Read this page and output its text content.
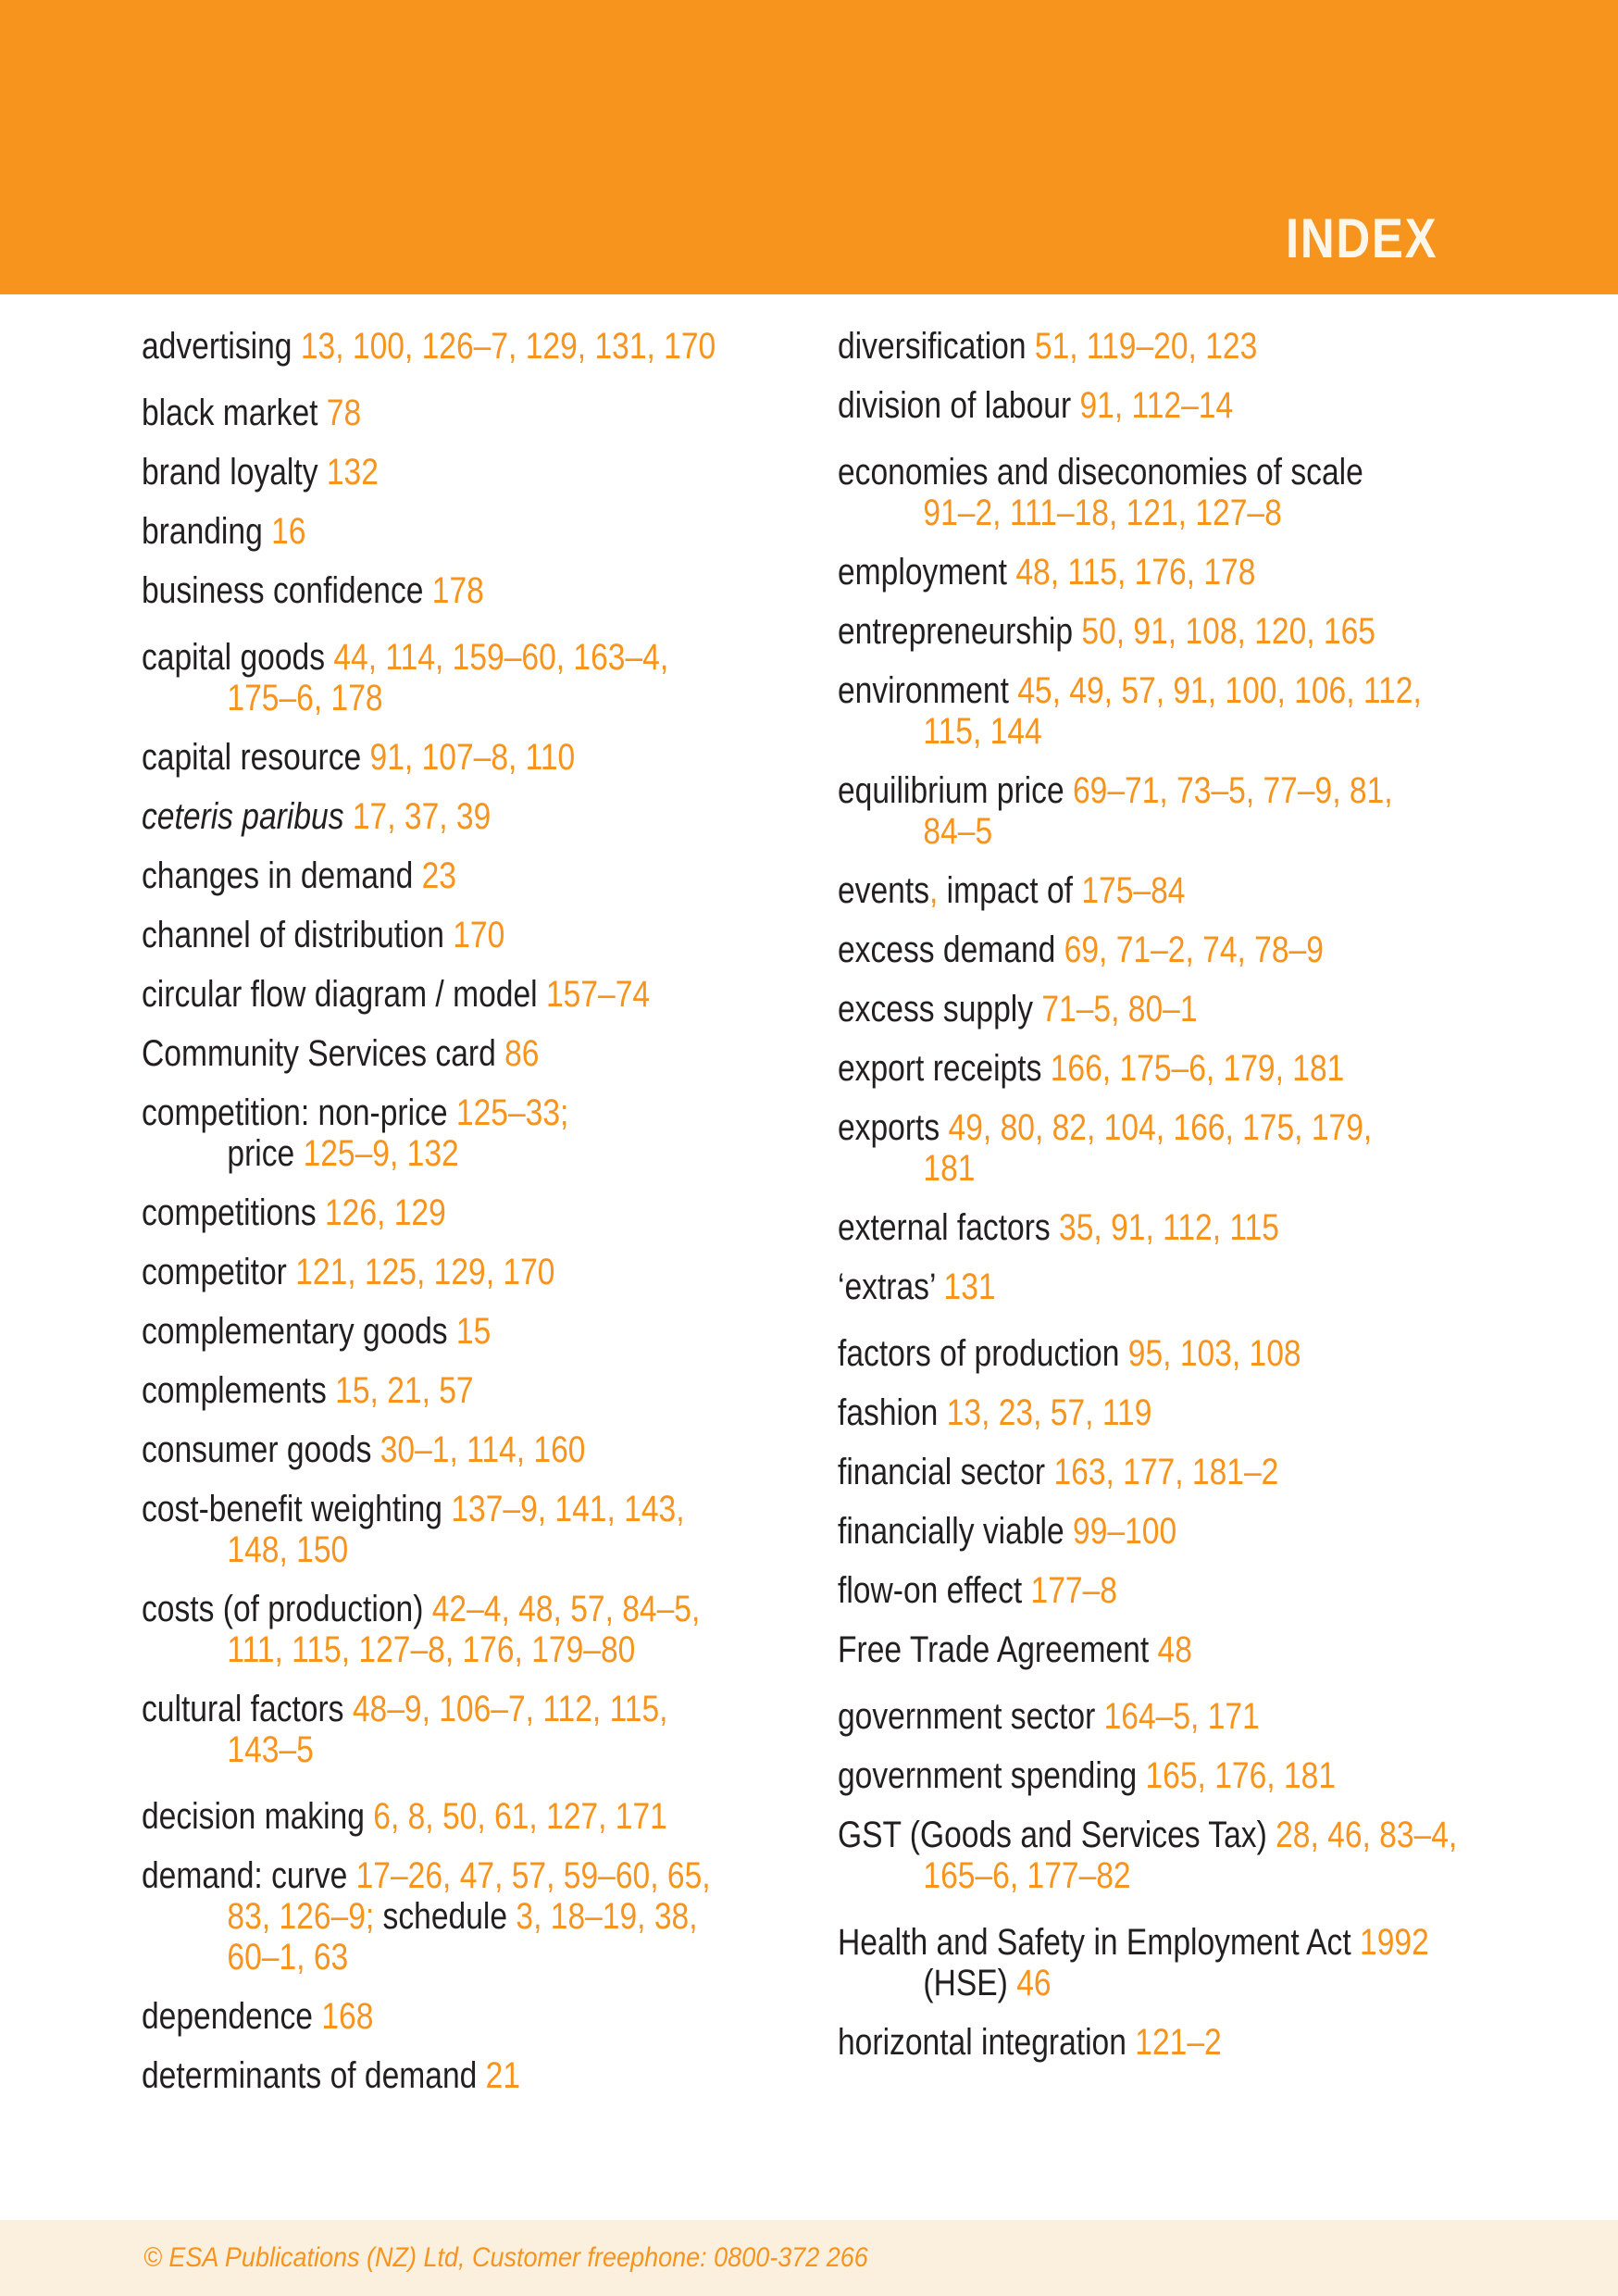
INDEX
advertising 13, 100, 126–7, 129, 131, 170
black market 78
brand loyalty 132
branding 16
business confidence 178
capital goods 44, 114, 159–60, 163–4,
175–6, 178
capital resource 91, 107–8, 110
ceteris paribus 17, 37, 39
changes in demand 23
channel of distribution 170
circular flow diagram / model 157–74
Community Services card 86
competition: non-price 125–33;
price 125–9, 132
competitions 126, 129
competitor 121, 125, 129, 170
complementary goods 15
complements 15, 21, 57
consumer goods 30–1, 114, 160
cost-benefit weighting 137–9, 141, 143,
148, 150
costs (of production) 42–4, 48, 57, 84–5,
111, 115, 127–8, 176, 179–80
cultural factors 48–9, 106–7, 112, 115,
143–5
decision making 6, 8, 50, 61, 127, 171
demand: curve 17–26, 47, 57, 59–60, 65,
83, 126–9; schedule 3, 18–19, 38,
60–1, 63
dependence 168
determinants of demand 21
diversification 51, 119–20, 123
division of labour 91, 112–14
economies and diseconomies of scale
91–2, 111–18, 121, 127–8
employment 48, 115, 176, 178
entrepreneurship 50, 91, 108, 120, 165
environment 45, 49, 57, 91, 100, 106, 112,
115, 144
equilibrium price 69–71, 73–5, 77–9, 81,
84–5
events, impact of 175–84
excess demand 69, 71–2, 74, 78–9
excess supply 71–5, 80–1
export receipts 166, 175–6, 179, 181
exports 49, 80, 82, 104, 166, 175, 179,
181
external factors 35, 91, 112, 115
‘extras’ 131
factors of production 95, 103, 108
fashion 13, 23, 57, 119
financial sector 163, 177, 181–2
financially viable 99–100
flow-on effect 177–8
Free Trade Agreement 48
government sector 164–5, 171
government spending 165, 176, 181
GST (Goods and Services Tax) 28, 46, 83–4,
165–6, 177–82
Health and Safety in Employment Act 1992
(HSE) 46
horizontal integration 121–2
© ESA Publications (NZ) Ltd, Customer freephone: 0800-372 266
